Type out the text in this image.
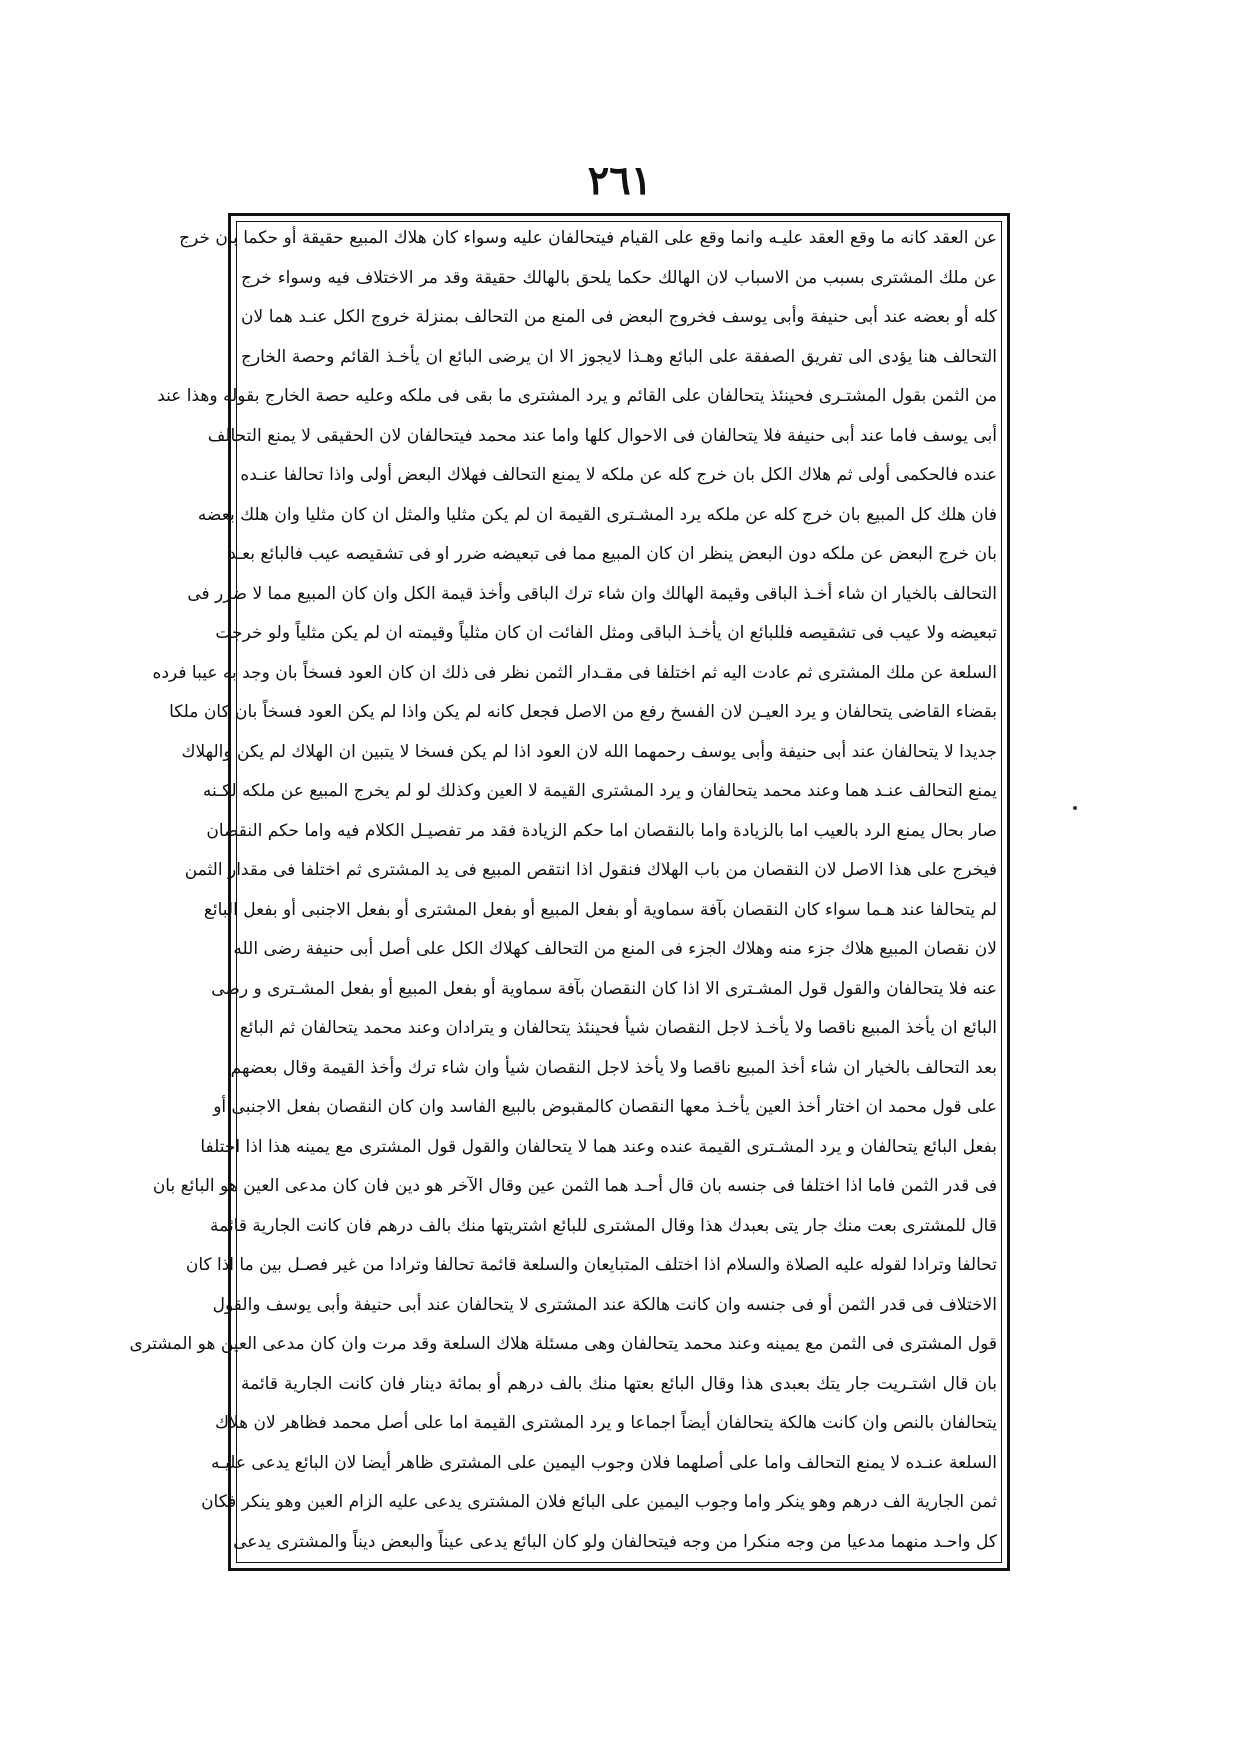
٢٦١
عن العقد كانه ما وقع العقد عليـه وانما وقع على القيام فيتحالفان عليه وسواء كان هلاك المبيع حقيقة أو حكما بان خرج
عن ملك المشترى بسبب من الاسباب لان الهالك حكما يلحق بالهالك حقيقة وقد مر الاختلاف فيه وسواء خرج
كله أو بعضه عند أبى حنيفة وأبى يوسف فخروج البعض فى المنع من التحالف بمنزلة خروج الكل عنـد هما لان
التحالف هنا يؤدى الى تفريق الصفقة على البائع وهـذا لايجوز الا ان يرضى البائع ان يأخـذ القائم وحصة الخارج
من الثمن بقول المشتـرى فحينئذ يتحالفان على القائم و يرد المشترى ما بقى فى ملكه وعليه حصة الخارج بقوله وهذا عند
أبى يوسف فاما عند أبى حنيفة فلا يتحالفان فى الاحوال كلها واما عند محمد فيتحالفان لان الحقيقى لا يمنع التحالف
عنده فالحكمى أولى ثم هلاك الكل بان خرج كله عن ملكه لا يمنع التحالف فهلاك البعض أولى واذا تحالفا عنـده
فان هلك كل المبيع بان خرج كله عن ملكه يرد المشـترى القيمة ان لم يكن مثليا والمثل ان كان مثليا وان هلك بعضه
بان خرج البعض عن ملكه دون البعض ينظر ان كان المبيع مما فى تبعيضه ضرر او فى تشقيصه عيب فالبائع بعـد
التحالف بالخيار ان شاء أخـذ الباقى وقيمة الهالك وان شاء ترك الباقى وأخذ قيمة الكل وان كان المبيع مما لا ضرر فى
تبعيضه ولا عيب فى تشقيصه فللبائع ان يأخـذ الباقى ومثل الفائت ان كان مثلياً وقيمته ان لم يكن مثلياً ولو خرجت
السلعة عن ملك المشترى ثم عادت اليه ثم اختلفا فى مقـدار الثمن نظر فى ذلك ان كان العود فسخاً بان وجد به عيبا فرده
بقضاء القاضى يتحالفان و يرد العيـن لان الفسخ رفع من الاصل فجعل كانه لم يكن واذا لم يكن العود فسخاً بان كان ملكا
جديدا لا يتحالفان عند أبى حنيفة وأبى يوسف رحمهما الله لان العود اذا لم يكن فسخا لا يتبين ان الهلاك لم يكن والهلاك
يمنع التحالف عنـد هما وعند محمد يتحالفان و يرد المشترى القيمة لا العين وكذلك لو لم يخرج المبيع عن ملكه لكـنه
صار بحال يمنع الرد بالعيب اما بالزيادة واما بالنقصان اما حكم الزيادة فقد مر تفصيـل الكلام فيه واما حكم النقصان
فيخرج على هذا الاصل لان النقصان من باب الهلاك فنقول اذا انتقص المبيع فى يد المشترى ثم اختلفا فى مقدار الثمن
لم يتحالفا عند هـما سواء كان النقصان بآفة سماوية أو بفعل المبيع أو بفعل المشترى أو بفعل الاجنبى أو بفعل البائع
لان نقصان المبيع هلاك جزء منه وهلاك الجزء فى المنع من التحالف كهلاك الكل على أصل أبى حنيفة رضى الله
عنه فلا يتحالفان والقول قول المشـترى الا اذا كان النقصان بآفة سماوية أو بفعل المبيع أو بفعل المشـترى و رضى
البائع ان يأخذ المبيع ناقصا ولا يأخـذ لاجل النقصان شيأ فحينئذ يتحالفان و يترادان وعند محمد يتحالفان ثم البائع
بعد التحالف بالخيار ان شاء أخذ المبيع ناقصا ولا يأخذ لاجل النقصان شيأ وان شاء ترك وأخذ القيمة وقال بعضهم
على قول محمد ان اختار أخذ العين يأخـذ معها النقصان كالمقبوض بالبيع الفاسد وان كان النقصان بفعل الاجنبى أو
بفعل البائع يتحالفان و يرد المشـترى القيمة عنده وعند هما لا يتحالفان والقول قول المشترى مع يمينه هذا اذا اختلفا
فى قدر الثمن فاما اذا اختلفا فى جنسه بان قال أحـد هما الثمن عين وقال الآخر هو دين فان كان مدعى العين هو البائع بان
قال للمشترى بعت منك جار يتى بعبدك هذا وقال المشترى للبائع اشتريتها منك بالف درهم فان كانت الجارية قائمة
تحالفا وترادا لقوله عليه الصلاة والسلام اذا اختلف المتبايعان والسلعة قائمة تحالفا وترادا من غير فصـل بين ما اذا كان
الاختلاف فى قدر الثمن أو فى جنسه وان كانت هالكة عند المشترى لا يتحالفان عند أبى حنيفة وأبى يوسف والقول
قول المشترى فى الثمن مع يمينه وعند محمد يتحالفان وهى مسئلة هلاك السلعة وقد مرت وان كان مدعى العين هو المشترى
بان قال اشتـريت جار يتك بعبدى هذا وقال البائع بعتها منك بالف درهم أو بمائة دينار فان كانت الجارية قائمة
يتحالفان بالنص وان كانت هالكة يتحالفان أيضاً اجماعا و يرد المشترى القيمة اما على أصل محمد فظاهر لان هلاك
السلعة عنـده لا يمنع التحالف واما على أصلهما فلان وجوب اليمين على المشترى ظاهر أيضا لان البائع يدعى عليـه
ثمن الجارية الف درهم وهو ينكر واما وجوب اليمين على البائع فلان المشترى يدعى عليه الزام العين وهو ينكر فكان
كل واحـد منهما مدعيا من وجه منكرا من وجه فيتحالفان ولو كان البائع يدعى عيناً والبعض ديناً والمشترى يدعى
